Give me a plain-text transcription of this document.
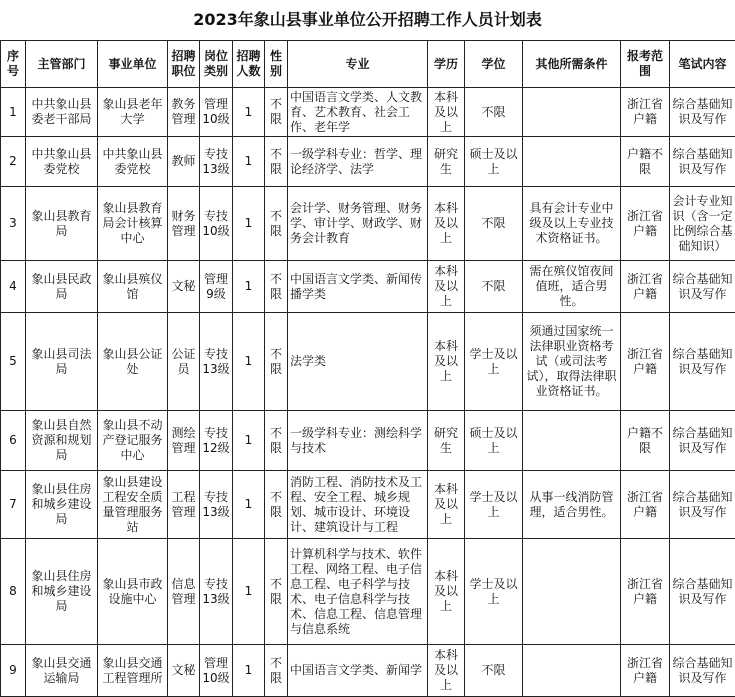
2023年象山县事业单位公开招聘工作人员计划表
序号	主管部门	事业单位	招聘职位	岗位类别	招聘人数	性别	专业	学历	学位	其他所需条件	报考范围	笔试内容
1	中共象山县委老干部局	象山县老年大学	教务管理	管理10级	1	不限	中国语言文学类、人文教育、艺术教育、社会工作、老年学	本科及以上	不限		浙江省户籍	综合基础知识及写作
2	中共象山县委党校	中共象山县委党校	教师	专技13级	1	不限	一级学科专业：哲学、理论经济学、法学	研究生	硕士及以上		户籍不限	综合基础知识及写作
3	象山县教育局	象山县教育局会计核算中心	财务管理	专技10级	1	不限	会计学、财务管理、财务学、审计学、财政学、财务会计教育	本科及以上	不限	具有会计专业中级及以上专业技术资格证书。	浙江省户籍	会计专业知识（含一定比例综合基础知识）
4	象山县民政局	象山县殡仪馆	文秘	管理9级	1	不限	中国语言文学类、新闻传播学类	本科及以上	不限	需在殡仪馆夜间值班，适合男性。	浙江省户籍	综合基础知识及写作
5	象山县司法局	象山县公证处	公证员	专技13级	1	不限	法学类	本科及以上	学士及以上	须通过国家统一法律职业资格考试（或司法考试），取得法律职业资格证书。	浙江省户籍	综合基础知识及写作
6	象山县自然资源和规划局	象山县不动产登记服务中心	测绘管理	专技12级	1	不限	一级学科专业：测绘科学与技术	研究生	硕士及以上		户籍不限	综合基础知识及写作
7	象山县住房和城乡建设局	象山县建设工程安全质量管理服务站	工程管理	专技13级	1	不限	消防工程、消防技术及工程、安全工程、城乡规划、城市设计、环境设计、建筑设计与工程	本科及以上	学士及以上	从事一线消防管理，适合男性。	浙江省户籍	综合基础知识及写作
8	象山县住房和城乡建设局	象山县市政设施中心	信息管理	专技13级	1	不限	计算机科学与技术、软件工程、网络工程、电子信息工程、电子科学与技术、电子信息科学与技术、信息工程、信息管理与信息系统	本科及以上	学士及以上		浙江省户籍	综合基础知识及写作
9	象山县交通运输局	象山县交通工程管理所	文秘	管理10级	1	不限	中国语言文学类、新闻学	本科及以上	不限		浙江省户籍	综合基础知识及写作
